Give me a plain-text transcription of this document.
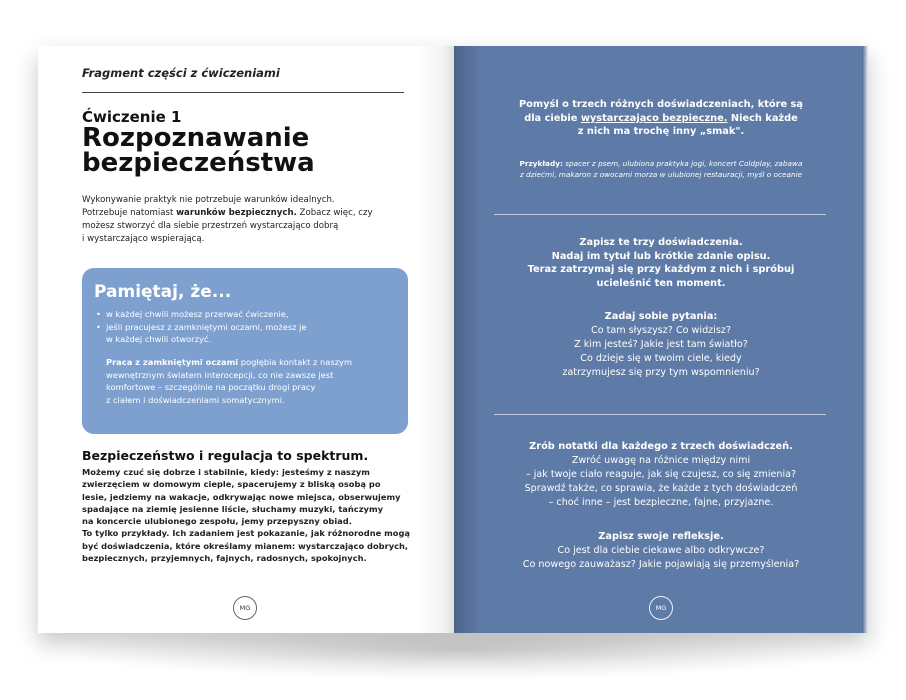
Fragment części z ćwiczeniami
Ćwiczenie 1
Rozpoznawanie
bezpieczeństwa
Wykonywanie praktyk nie potrzebuje warunków idealnych.
Potrzebuje natomiast warunków bezpiecznych. Zobacz więc, czy
możesz stworzyć dla siebie przestrzeń wystarczająco dobrą
i wystarczająco wspierającą.
Pamiętaj, że...
• w każdej chwili możesz przerwać ćwiczenie,
• jeśli pracujesz z zamkniętymi oczami, możesz je
w każdej chwili otworzyć.
Praca z zamkniętymi oczami pogłębia kontakt z naszym
wewnętrznym światem interocepcji, co nie zawsze jest
komfortowe – szczególnie na początku drogi pracy
z ciałem i doświadczeniami somatycznymi.
Bezpieczeństwo i regulacja to spektrum.
Możemy czuć się dobrze i stabilnie, kiedy: jesteśmy z naszym
zwierzęciem w domowym cieple, spacerujemy z bliską osobą po
lesie, jedziemy na wakacje, odkrywając nowe miejsca, obserwujemy
spadające na ziemię jesienne liście, słuchamy muzyki, tańczymy
na koncercie ulubionego zespołu, jemy przepyszny obiad.
To tylko przykłady. Ich zadaniem jest pokazanie, jak różnorodne mogą
być doświadczenia, które określamy mianem: wystarczająco dobrych,
bezpiecznych, przyjemnych, fajnych, radosnych, spokojnych.
MG
Pomyśl o trzech różnych doświadczeniach, które są
dla ciebie wystarczająco bezpieczne. Niech każde
z nich ma trochę inny „smak".
Przykłady: spacer z psem, ulubiona praktyka jogi, koncert Coldplay, zabawa
z dziećmi, makaron z owocami morza w ulubionej restauracji, myśl o oceanie
Zapisz te trzy doświadczenia.
Nadaj im tytuł lub krótkie zdanie opisu.
Teraz zatrzymaj się przy każdym z nich i spróbuj
ucieleśnić ten moment.
Zadaj sobie pytania:
Co tam słyszysz? Co widzisz?
Z kim jesteś? Jakie jest tam światło?
Co dzieje się w twoim ciele, kiedy
zatrzymujesz się przy tym wspomnieniu?
Zrób notatki dla każdego z trzech doświadczeń.
Zwróć uwagę na różnice między nimi
– jak twoje ciało reaguje, jak się czujesz, co się zmienia?
Sprawdź także, co sprawia, że każde z tych doświadczeń
– choć inne – jest bezpieczne, fajne, przyjazne.
Zapisz swoje refleksje.
Co jest dla ciebie ciekawe albo odkrywcze?
Co nowego zauważasz? Jakie pojawiają się przemyślenia?
MG
